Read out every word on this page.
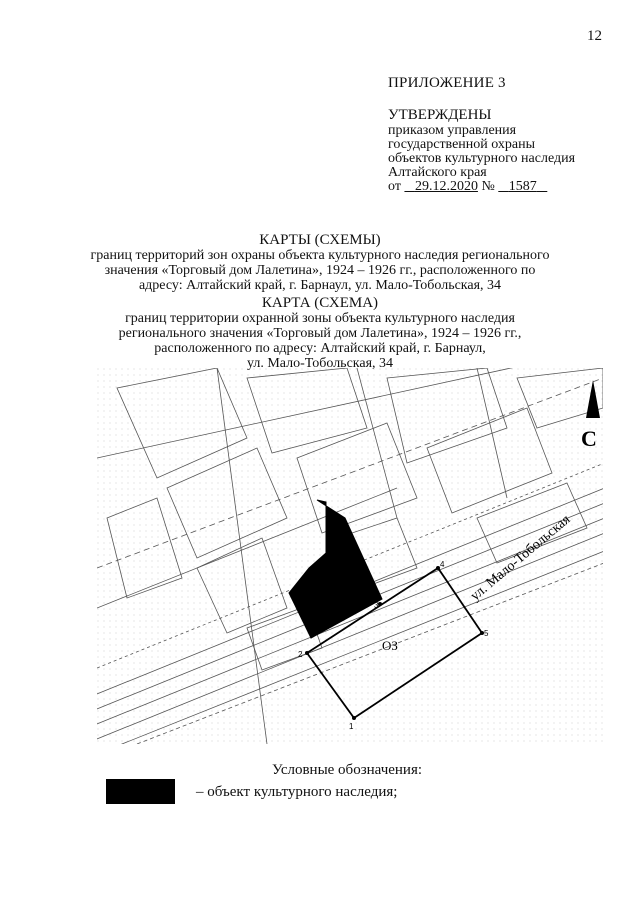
12
ПРИЛОЖЕНИЕ 3
УТВЕРЖДЕНЫ
приказом управления
государственной охраны
объектов культурного наследия
Алтайского края
от 29.12.2020 № 1587
КАРТЫ (СХЕМЫ)
границ территорий зон охраны объекта культурного наследия регионального
значения «Торговый дом Лалетина», 1924 – 1926 гг., расположенного по
адресу: Алтайский край, г. Барнаул, ул. Мало-Тобольская, 34
КАРТА (СХЕМА)
границ территории охранной зоны объекта культурного наследия
регионального значения «Торговый дом Лалетина», 1924 – 1926 гг.,
расположенного по адресу: Алтайский край, г. Барнаул,
ул. Мало-Тобольская, 34
1
2
3
4
5
ОЗ
ул. Мало-Тобольская
С
Условные обозначения:
– объект культурного наследия;
